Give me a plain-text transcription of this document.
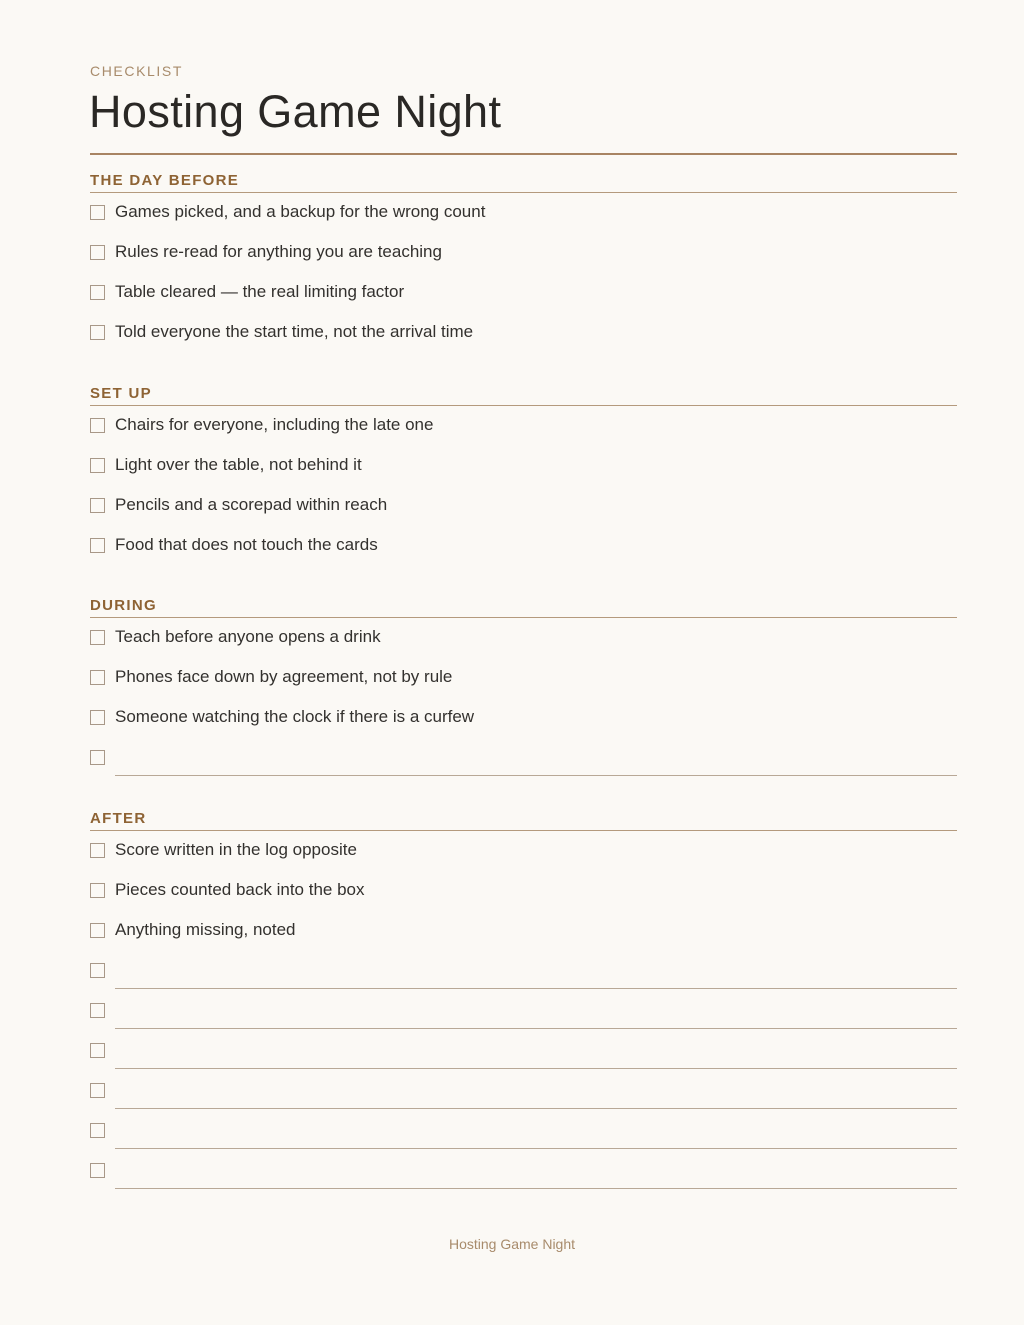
CHECKLIST
Hosting Game Night
THE DAY BEFORE
Games picked, and a backup for the wrong count
Rules re-read for anything you are teaching
Table cleared — the real limiting factor
Told everyone the start time, not the arrival time
SET UP
Chairs for everyone, including the late one
Light over the table, not behind it
Pencils and a scorepad within reach
Food that does not touch the cards
DURING
Teach before anyone opens a drink
Phones face down by agreement, not by rule
Someone watching the clock if there is a curfew
AFTER
Score written in the log opposite
Pieces counted back into the box
Anything missing, noted
Hosting Game Night
